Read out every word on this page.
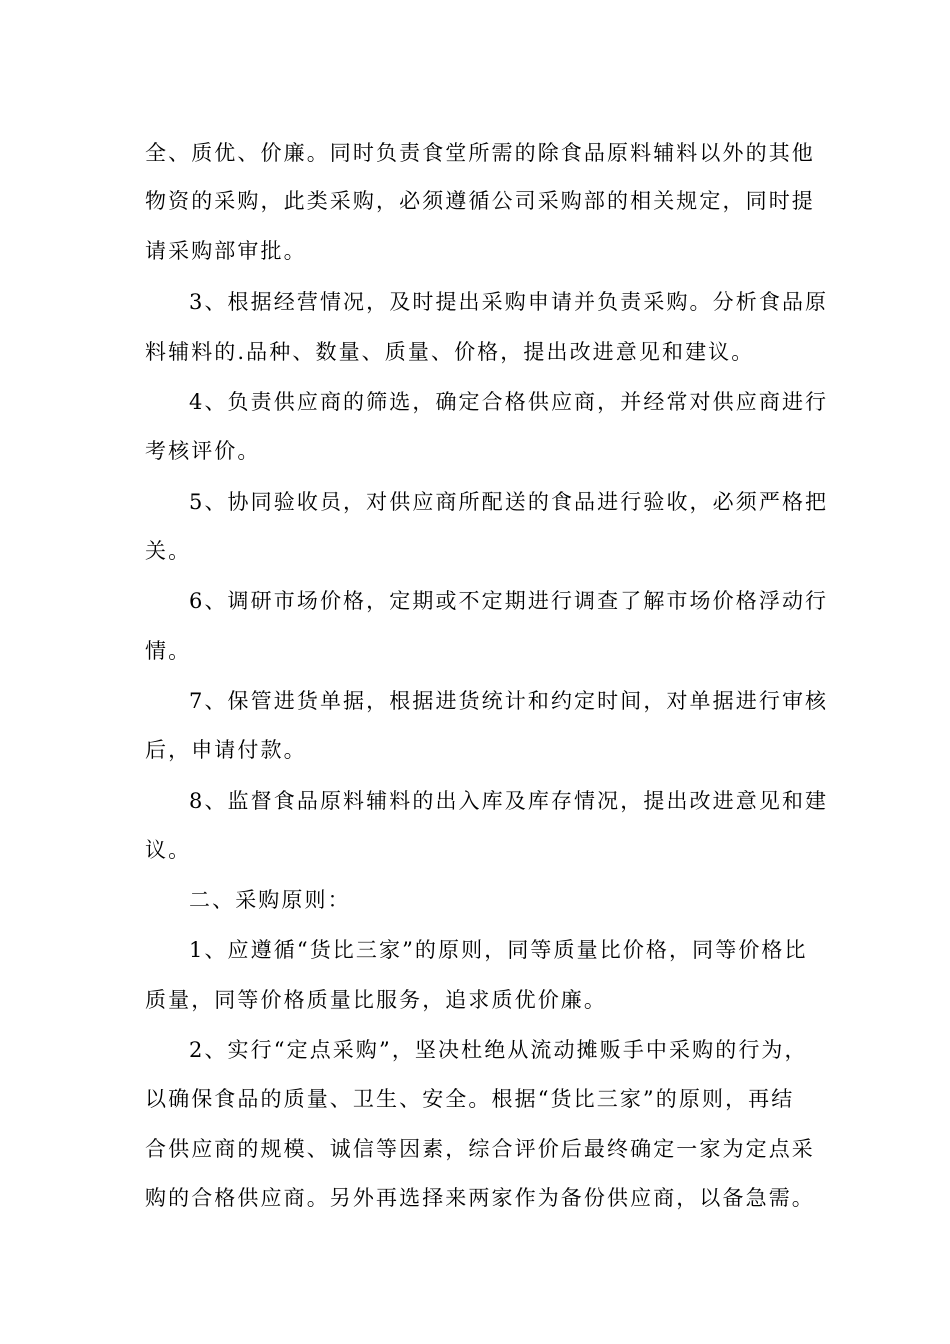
全、质优、价廉。同时负责食堂所需的除食品原料辅料以外的其他
物资的采购，此类采购，必须遵循公司采购部的相关规定，同时提
请采购部审批。
3、根据经营情况，及时提出采购申请并负责采购。分析食品原
料辅料的.品种、数量、质量、价格，提出改进意见和建议。
4、负责供应商的筛选，确定合格供应商，并经常对供应商进行
考核评价。
5、协同验收员，对供应商所配送的食品进行验收，必须严格把
关。
6、调研市场价格，定期或不定期进行调查了解市场价格浮动行
情。
7、保管进货单据，根据进货统计和约定时间，对单据进行审核
后，申请付款。
8、监督食品原料辅料的出入库及库存情况，提出改进意见和建
议。
二、采购原则：
1、应遵循“货比三家”的原则，同等质量比价格，同等价格比
质量，同等价格质量比服务，追求质优价廉。
2、实行“定点采购”，坚决杜绝从流动摊贩手中采购的行为，
以确保食品的质量、卫生、安全。根据“货比三家”的原则，再结
合供应商的规模、诚信等因素，综合评价后最终确定一家为定点采
购的合格供应商。另外再选择来两家作为备份供应商，以备急需。
